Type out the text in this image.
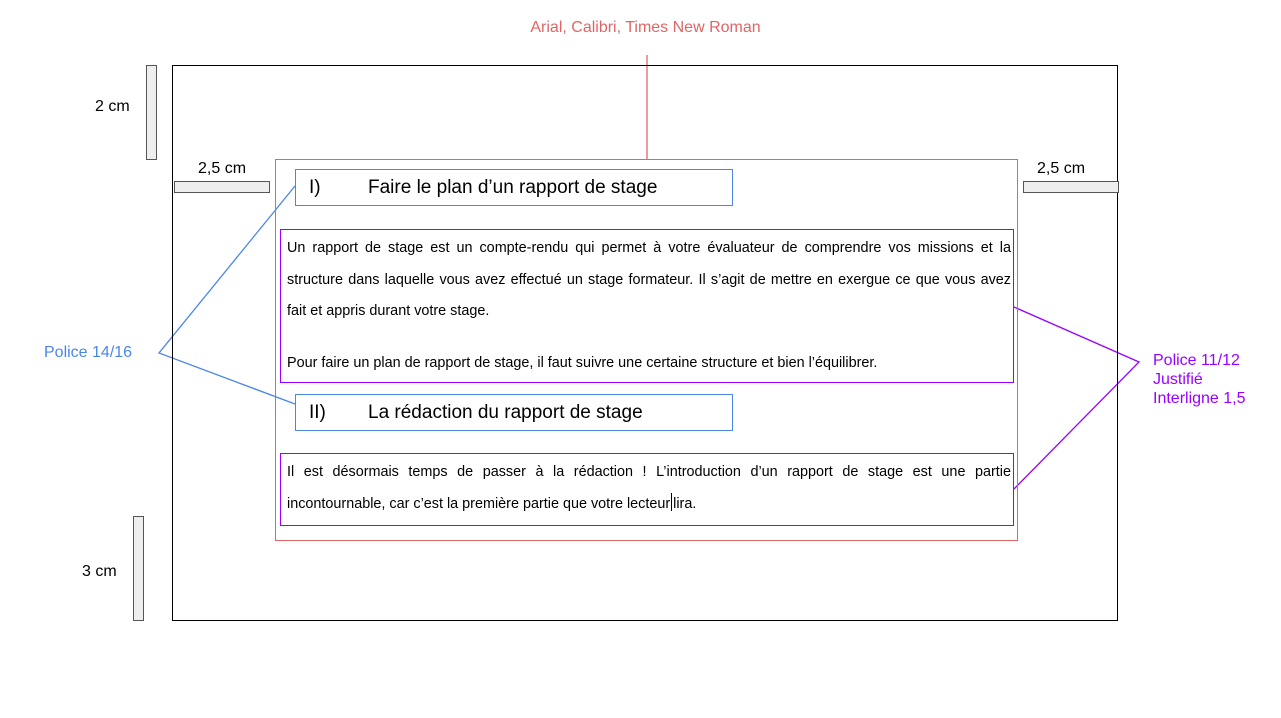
Arial, Calibri, Times New Roman
Police 14/16	Police 11/12
Justifié
Interligne 1,5
2 cm
2,5 cm	2,5 cm
3 cm
I)	Faire le plan d’un rapport de stage

Un rapport de stage est un compte-rendu qui permet à votre évaluateur de comprendre vos missions et la structure dans laquelle vous avez effectué un stage formateur. Il s’agit de mettre en exergue ce que vous avez fait et appris durant votre stage.

Pour faire un plan de rapport de stage, il faut suivre une certaine structure et bien l’équilibrer.

II)	La rédaction du rapport de stage

Il est désormais temps de passer à la rédaction ! L’introduction d’un rapport de stage est une partie incontournable, car c’est la première partie que votre lecteur lira.
